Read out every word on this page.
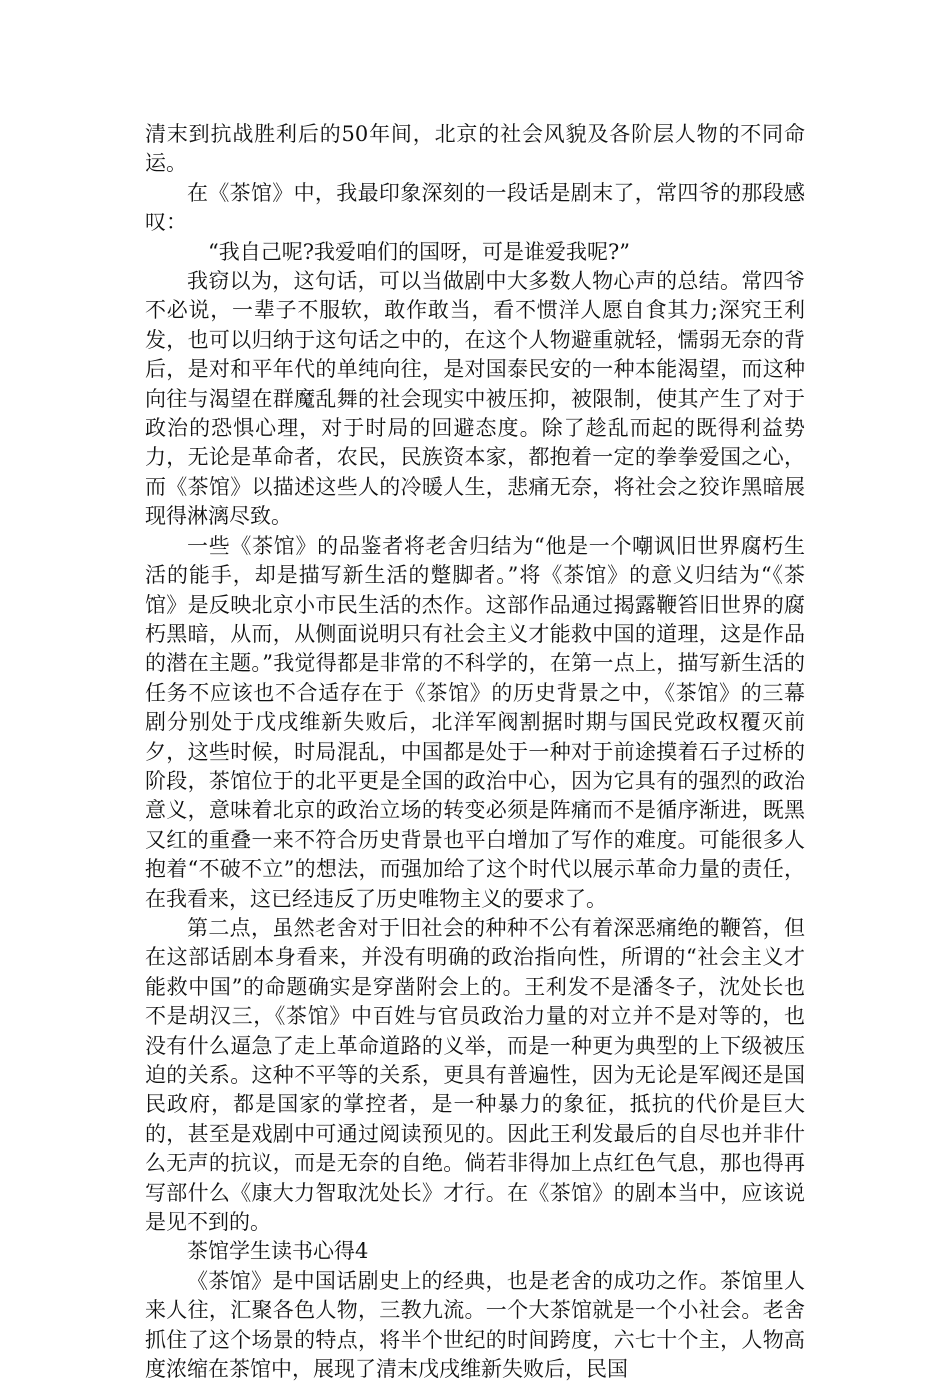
清末到抗战胜利后的50年间，北京的社会风貌及各阶层人物的不同命运。

在《茶馆》中，我最印象深刻的一段话是剧末了，常四爷的那段感叹：

“我自己呢?我爱咱们的国呀，可是谁爱我呢?”

我窃以为，这句话，可以当做剧中大多数人物心声的总结。常四爷不必说，一辈子不服软，敢作敢当，看不惯洋人愿自食其力;深究王利发，也可以归纳于这句话之中的，在这个人物避重就轻，懦弱无奈的背后，是对和平年代的单纯向往，是对国泰民安的一种本能渴望，而这种向往与渴望在群魔乱舞的社会现实中被压抑，被限制，使其产生了对于政治的恐惧心理，对于时局的回避态度。除了趁乱而起的既得利益势力，无论是革命者，农民，民族资本家，都抱着一定的拳拳爱国之心，而《茶馆》以描述这些人的冷暖人生，悲痛无奈，将社会之狡诈黑暗展现得淋漓尽致。

一些《茶馆》的品鉴者将老舍归结为“他是一个嘲讽旧世界腐朽生活的能手，却是描写新生活的蹩脚者。”将《茶馆》的意义归结为“《茶馆》是反映北京小市民生活的杰作。这部作品通过揭露鞭笞旧世界的腐朽黑暗，从而，从侧面说明只有社会主义才能救中国的道理，这是作品的潜在主题。”我觉得都是非常的不科学的，在第一点上，描写新生活的任务不应该也不合适存在于《茶馆》的历史背景之中，《茶馆》的三幕剧分别处于戊戌维新失败后，北洋军阀割据时期与国民党政权覆灭前夕，这些时候，时局混乱，中国都是处于一种对于前途摸着石子过桥的阶段，茶馆位于的北平更是全国的政治中心，因为它具有的强烈的政治意义，意味着北京的政治立场的转变必须是阵痛而不是循序渐进，既黑又红的重叠一来不符合历史背景也平白增加了写作的难度。可能很多人抱着“不破不立”的想法，而强加给了这个时代以展示革命力量的责任，在我看来，这已经违反了历史唯物主义的要求了。

第二点，虽然老舍对于旧社会的种种不公有着深恶痛绝的鞭笞，但在这部话剧本身看来，并没有明确的政治指向性，所谓的“社会主义才能救中国”的命题确实是穿凿附会上的。王利发不是潘冬子，沈处长也不是胡汉三，《茶馆》中百姓与官员政治力量的对立并不是对等的，也没有什么逼急了走上革命道路的义举，而是一种更为典型的上下级被压迫的关系。这种不平等的关系，更具有普遍性，因为无论是军阀还是国民政府，都是国家的掌控者，是一种暴力的象征，抵抗的代价是巨大的，甚至是戏剧中可通过阅读预见的。因此王利发最后的自尽也并非什么无声的抗议，而是无奈的自绝。倘若非得加上点红色气息，那也得再写部什么《康大力智取沈处长》才行。在《茶馆》的剧本当中，应该说是见不到的。

茶馆学生读书心得4

《茶馆》是中国话剧史上的经典，也是老舍的成功之作。茶馆里人来人往，汇聚各色人物，三教九流。一个大茶馆就是一个小社会。老舍抓住了这个场景的特点，将半个世纪的时间跨度，六七十个主，人物高度浓缩在茶馆中，展现了清末戊戌维新失败后，民国
